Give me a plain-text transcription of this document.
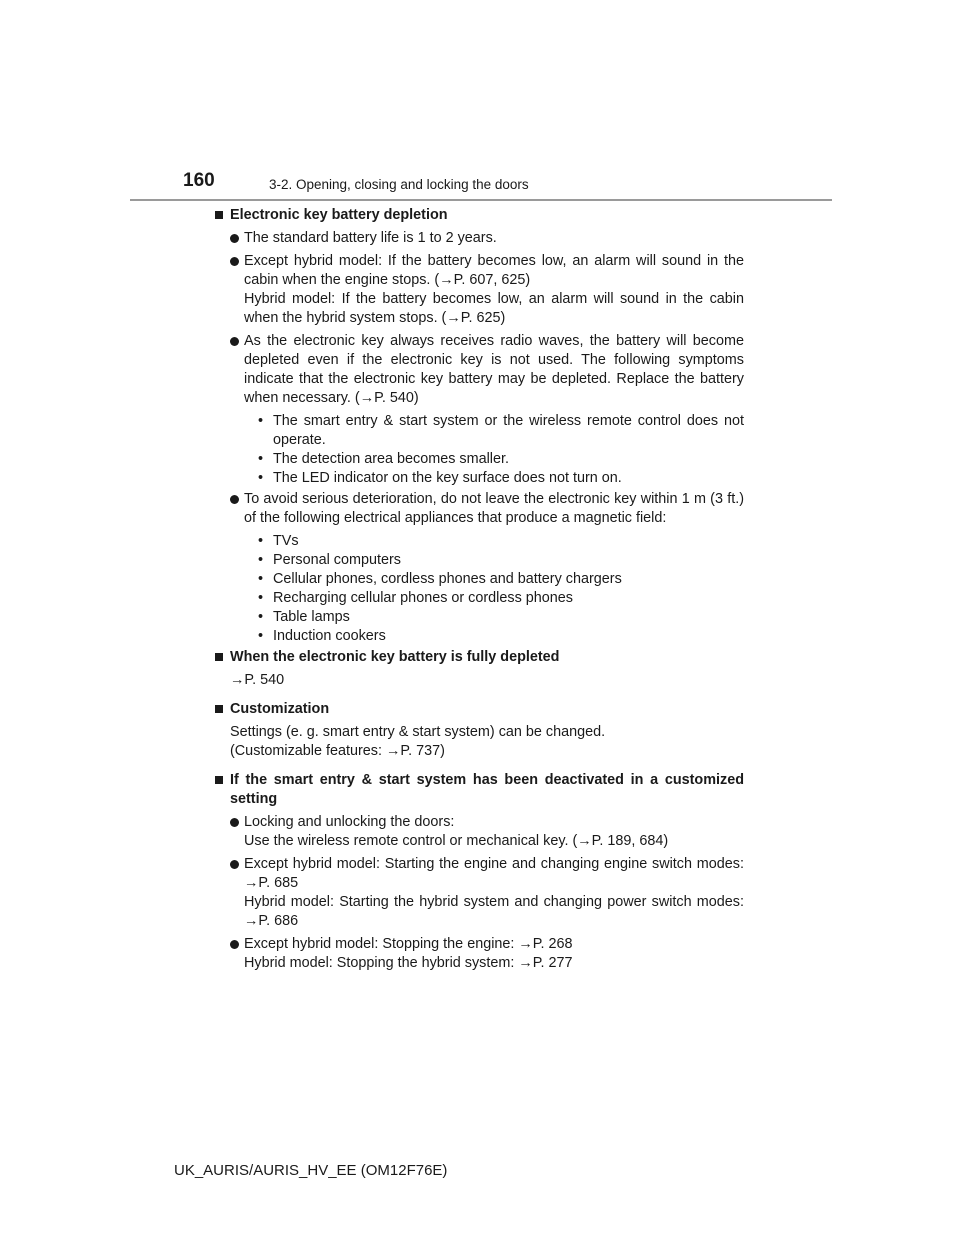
160	3-2. Opening, closing and locking the doors
Electronic key battery depletion
The standard battery life is 1 to 2 years.
Except hybrid model: If the battery becomes low, an alarm will sound in the cabin when the engine stops. (→P. 607, 625)
Hybrid model: If the battery becomes low, an alarm will sound in the cabin when the hybrid system stops. (→P. 625)
As the electronic key always receives radio waves, the battery will become depleted even if the electronic key is not used. The following symptoms indicate that the electronic key battery may be depleted. Replace the battery when necessary. (→P. 540)
• The smart entry & start system or the wireless remote control does not operate.
• The detection area becomes smaller.
• The LED indicator on the key surface does not turn on.
To avoid serious deterioration, do not leave the electronic key within 1 m (3 ft.) of the following electrical appliances that produce a magnetic field:
• TVs
• Personal computers
• Cellular phones, cordless phones and battery chargers
• Recharging cellular phones or cordless phones
• Table lamps
• Induction cookers
When the electronic key battery is fully depleted
→P. 540
Customization
Settings (e. g. smart entry & start system) can be changed.
(Customizable features: →P. 737)
If the smart entry & start system has been deactivated in a customized setting
Locking and unlocking the doors:
Use the wireless remote control or mechanical key. (→P. 189, 684)
Except hybrid model: Starting the engine and changing engine switch modes: →P. 685
Hybrid model: Starting the hybrid system and changing power switch modes: →P. 686
Except hybrid model: Stopping the engine: →P. 268
Hybrid model: Stopping the hybrid system: →P. 277
UK_AURIS/AURIS_HV_EE (OM12F76E)
